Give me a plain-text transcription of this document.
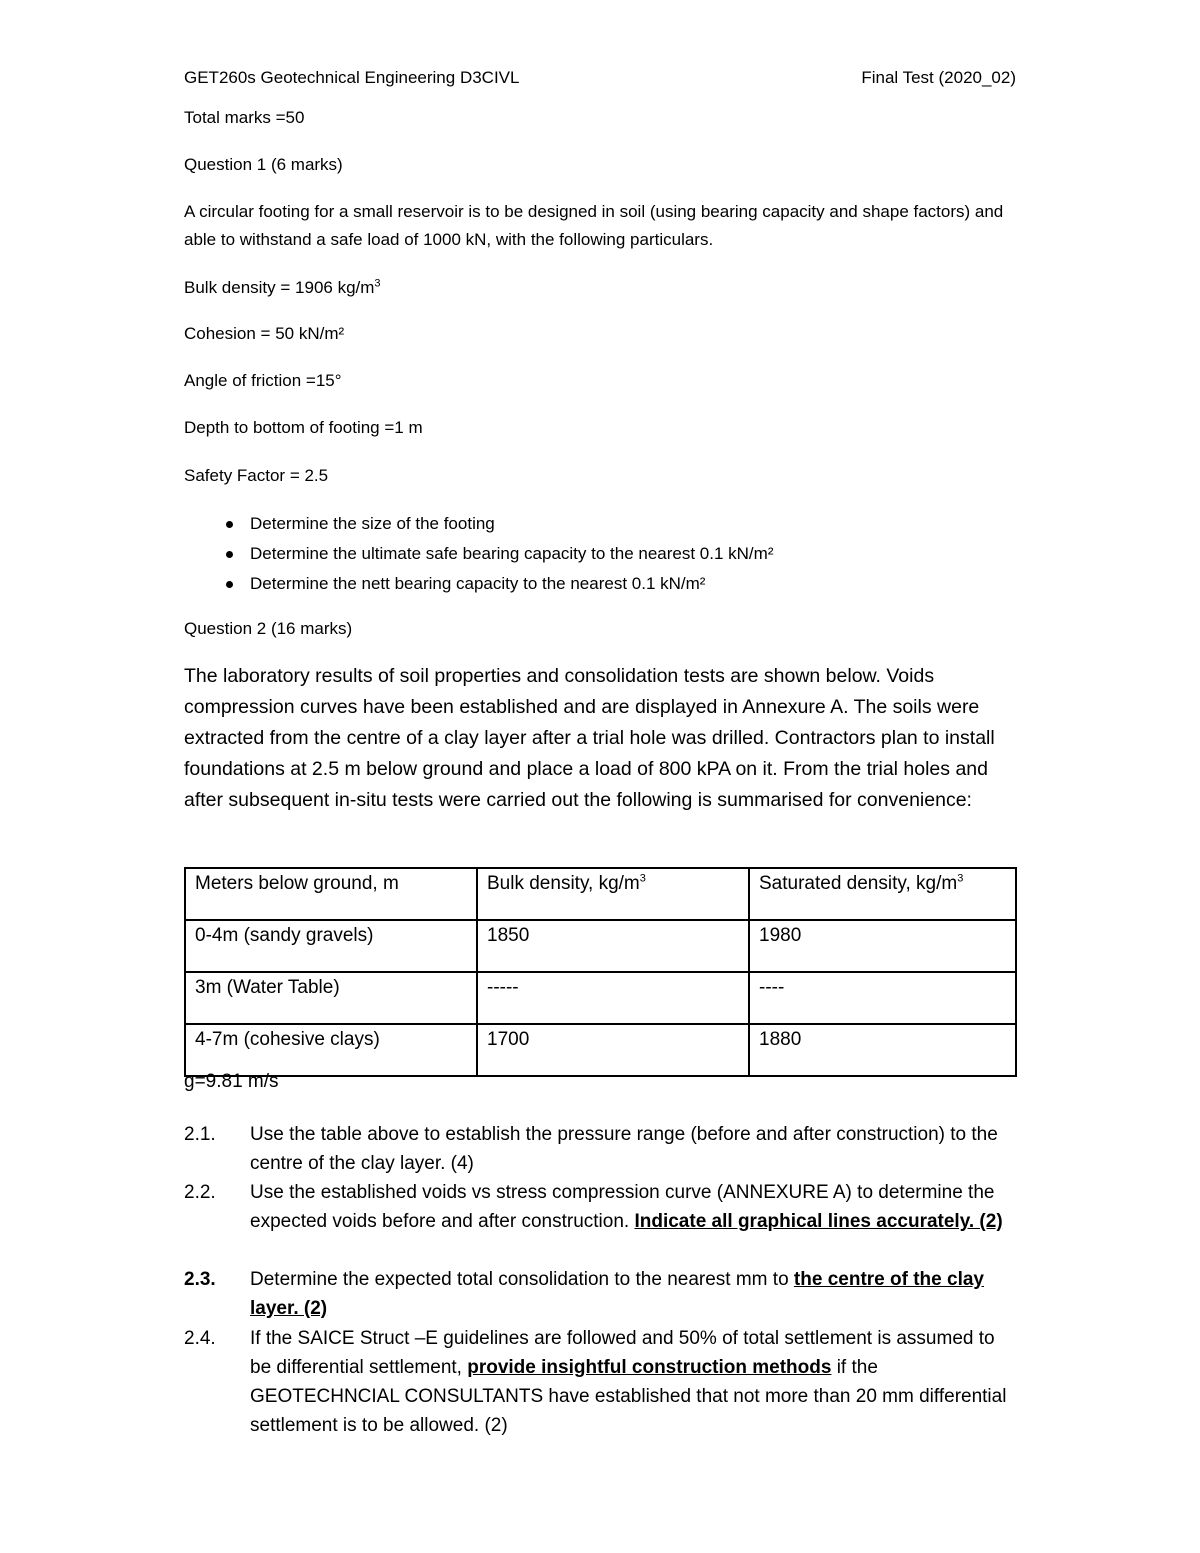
GET260s Geotechnical Engineering D3CIVL	Final Test (2020_02)
Total marks =50
Question 1 (6 marks)
A circular footing for a small reservoir is to be designed in soil (using bearing capacity and shape factors) and able to withstand a safe load of 1000 kN, with the following particulars.
Bulk density = 1906 $kg/m^3$
Cohesion = 50 kN/m²
Angle of friction =15°
Depth to bottom of footing =1 m
Safety Factor = 2.5
Determine the size of the footing
Determine the ultimate safe bearing capacity to the nearest 0.1 kN/m²
Determine the nett bearing capacity to the nearest 0.1 kN/m²
Question 2 (16 marks)
The laboratory results of soil properties and consolidation tests are shown below. Voids compression curves have been established and are displayed in Annexure A. The soils were extracted from the centre of a clay layer after a trial hole was drilled. Contractors plan to install foundations at 2.5 m below ground and place a load of 800 kPA on it. From the trial holes and after subsequent in-situ tests were carried out the following is summarised for convenience:
Meters below ground, m	Bulk density, $kg/m^3$	Saturated density, $kg/m^3$
0-4m (sandy gravels)	1850	1980
3m (Water Table)	-----	----
4-7m (cohesive clays)	1700	1880
g=9.81 m/s
2.1. Use the table above to establish the pressure range (before and after construction) to the centre of the clay layer. (4)
2.2. Use the established voids vs stress compression curve (ANNEXURE A) to determine the expected voids before and after construction. Indicate all graphical lines accurately. (2)
2.3. Determine the expected total consolidation to the nearest mm to the centre of the clay layer. (2)
2.4. If the SAICE Struct –E guidelines are followed and 50% of total settlement is assumed to be differential settlement, provide insightful construction methods if the GEOTECHNCIAL CONSULTANTS have established that not more than 20 mm differential settlement is to be allowed. (2)
